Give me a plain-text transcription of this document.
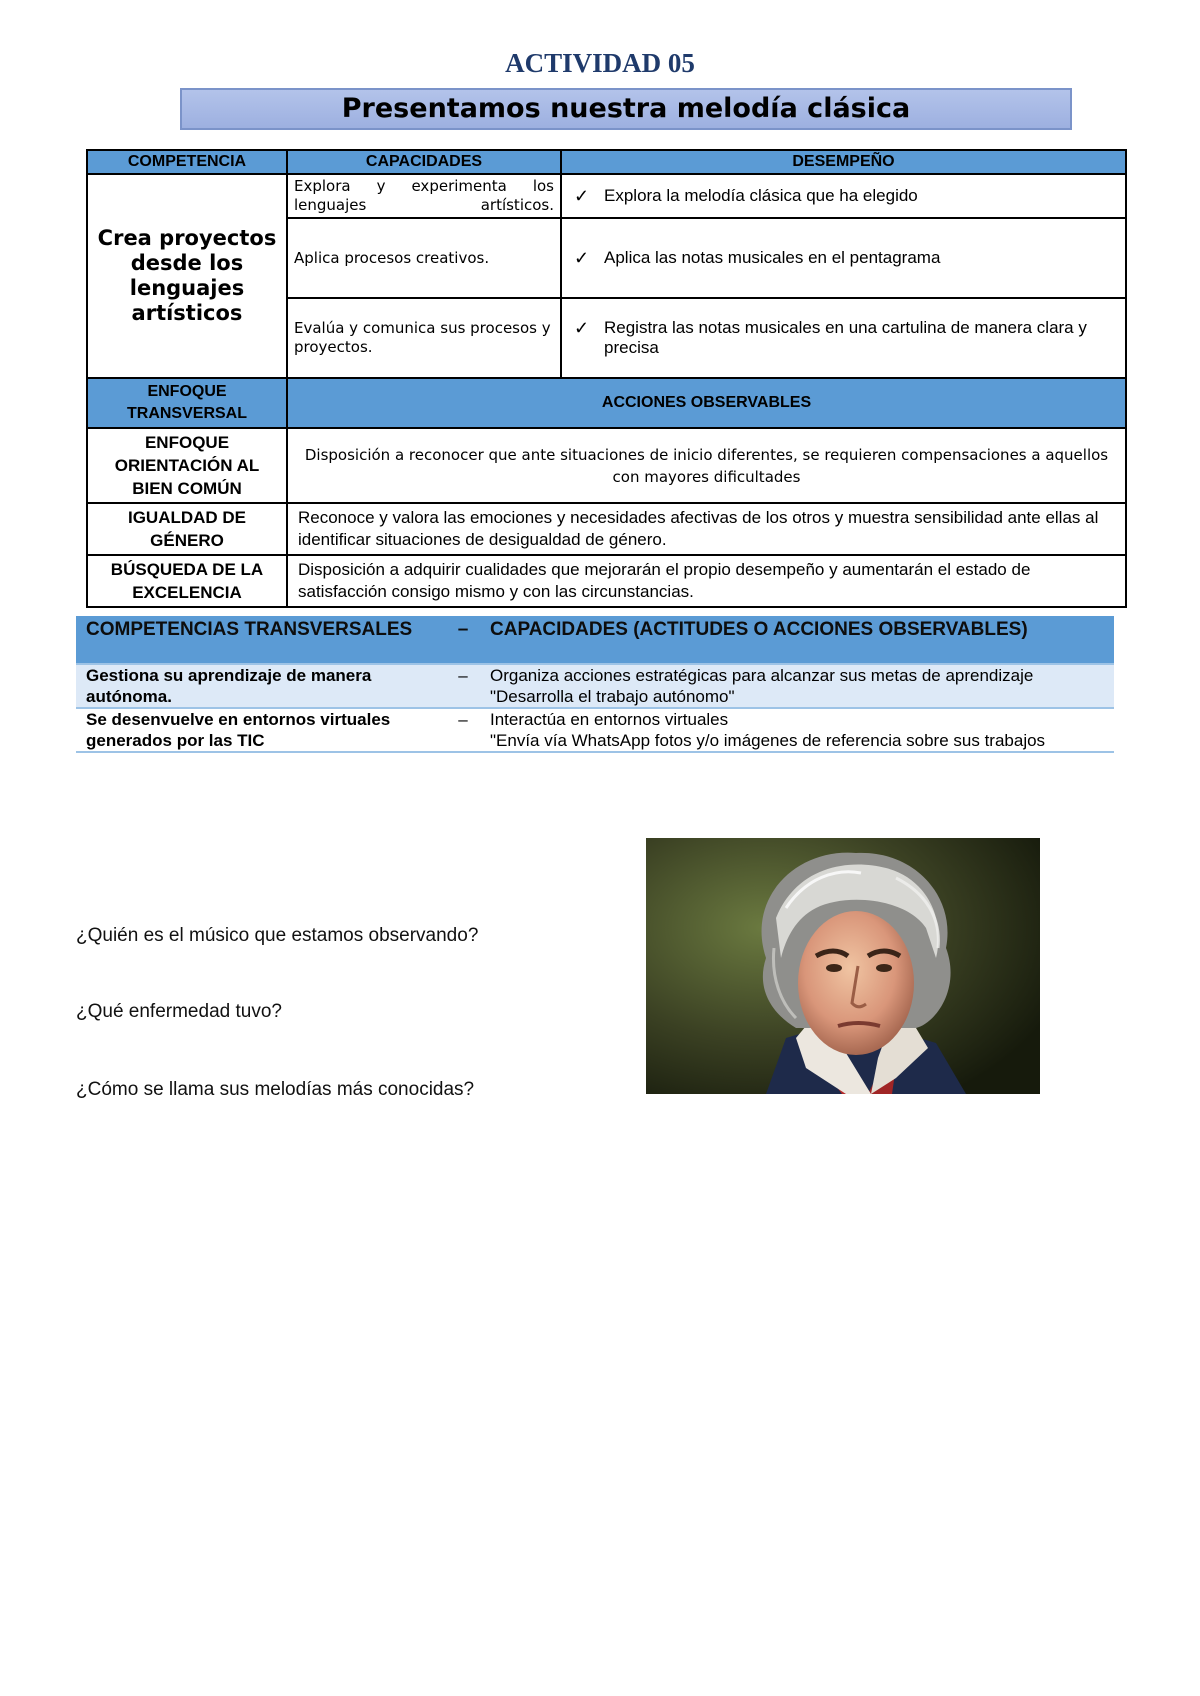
ACTIVIDAD 05
Presentamos nuestra melodía clásica
COMPETENCIA	CAPACIDADES	DESEMPEÑO
Crea proyectos desde los lenguajes artísticos	Explora y experimenta los lenguajes artísticos.	✓ Explora la melodía clásica que ha elegido

	Aplica procesos creativos.	✓ Aplica las notas musicales en el pentagrama

	Evalúa y comunica sus procesos y proyectos.	✓ Registra las notas musicales en una cartulina de manera clara y precisa

ENFOQUE TRANSVERSAL	ACCIONES OBSERVABLES	
ENFOQUE ORIENTACIÓN AL BIEN COMÚN	Disposición a reconocer que ante situaciones de inicio diferentes, se requieren compensaciones a aquellos con mayores dificultades	
IGUALDAD DE GÉNERO	Reconoce y valora las emociones y necesidades afectivas de los otros y muestra sensibilidad ante ellas al identificar situaciones de desigualdad de género.	
BÚSQUEDA DE LA EXCELENCIA	Disposición a adquirir cualidades que mejorarán el propio desempeño y aumentarán el estado de satisfacción consigo mismo y con las circunstancias.	
COMPETENCIAS TRANSVERSALES	–	CAPACIDADES (ACTITUDES O ACCIONES OBSERVABLES)
Gestiona su aprendizaje de manera autónoma.	–	Organiza acciones estratégicas para alcanzar sus metas de aprendizaje
"Desarrolla el trabajo autónomo"

Se desenvuelve en entornos virtuales generados por las TIC	–	Interactúa en entornos virtuales
"Envía vía WhatsApp fotos y/o imágenes de referencia sobre sus trabajos
¿Quién es el músico que estamos observando?
¿Qué enfermedad tuvo?
¿Cómo se llama sus melodías más conocidas?
